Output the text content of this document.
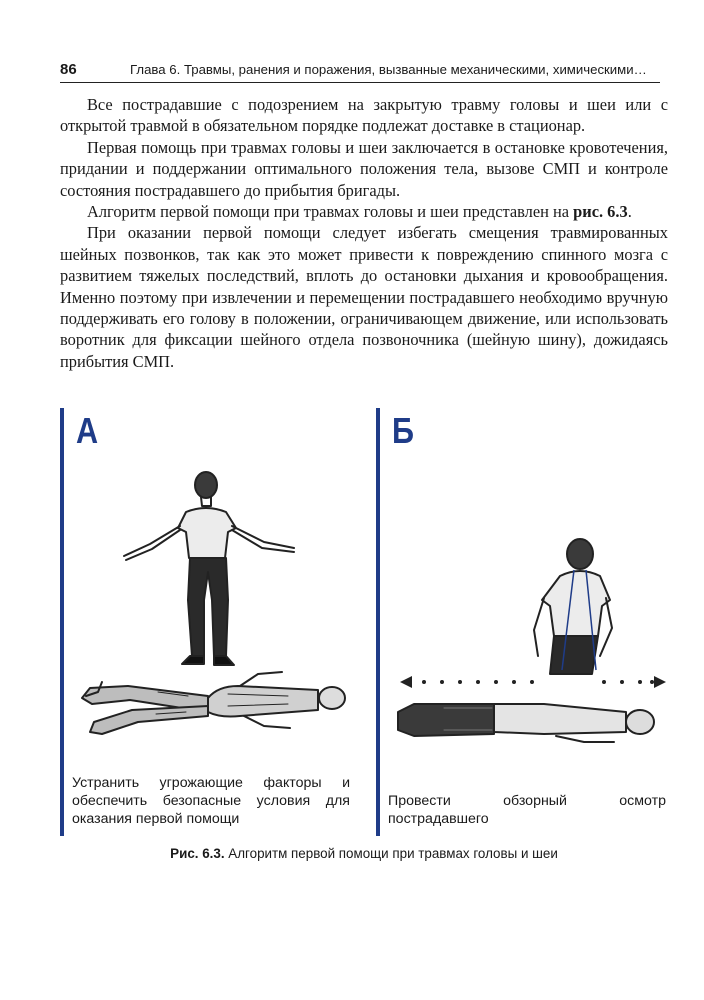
86	Глава 6. Травмы, ранения и поражения, вызванные механическими, химическими…

Все пострадавшие с подозрением на закрытую травму головы и шеи или с открытой травмой в обязательном порядке подлежат доставке в стационар.

Первая помощь при травмах головы и шеи заключается в остановке кровотечения, придании и поддержании оптимального положения тела, вызове СМП и контроле состояния пострадавшего до прибытия бригады.

Алгоритм первой помощи при травмах головы и шеи представлен на рис. 6.3.

При оказании первой помощи следует избегать смещения травмированных шейных позвонков, так как это может привести к повреждению спинного мозга с развитием тяжелых последствий, вплоть до остановки дыхания и кровообращения. Именно поэтому при извлечении и перемещении пострадавшего необходимо вручную поддерживать его голову в положении, ограничивающем движение, или использовать воротник для фиксации шейного отдела позвоночника (шейную шину), дожидаясь прибытия СМП.

А
Устранить угрожающие факторы и обеспечить безопасные условия для оказания первой помощи
Б
Провести обзорный осмотр пострадавшего
Рис. 6.3. Алгоритм первой помощи при травмах головы и шеи
